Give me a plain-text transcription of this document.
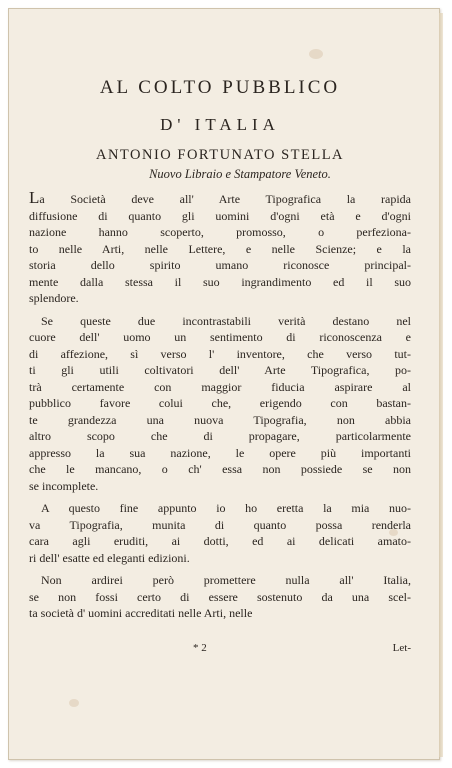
AL COLTO PUBBLICO
D' ITALIA
ANTONIO FORTUNATO STELLA
Nuovo Libraio e Stampatore Veneto.
La Società deve all' Arte Tipografica la rapida
diffusione di quanto gli uomini d'ogni età e d'ogni
nazione hanno scoperto, promosso, o perfeziona-
to nelle Arti, nelle Lettere, e nelle Scienze; e la
storia dello spirito umano riconosce principal-
mente dalla stessa il suo ingrandimento ed il suo
splendore.
Se queste due incontrastabili verità destano nel
cuore dell' uomo un sentimento di riconoscenza e
di affezione, sì verso l' inventore, che verso tut-
ti gli utili coltivatori dell' Arte Tipografica, po-
trà certamente con maggior fiducia aspirare al
pubblico favore colui che, erigendo con bastan-
te grandezza una nuova Tipografia, non abbia
altro scopo che di propagare, particolarmente
appresso la sua nazione, le opere più importanti
che le mancano, o ch' essa non possiede se non
se incomplete.
A questo fine appunto io ho eretta la mia nuo-
va Tipografia, munita di quanto possa renderla
cara agli eruditi, ai dotti, ed ai delicati amato-
ri dell' esatte ed eleganti edizioni.
Non ardirei però promettere nulla all' Italia,
se non fossi certo di essere sostenuto da una scel-
ta società d' uomini accreditati nelle Arti, nelle
* 2	Let-
